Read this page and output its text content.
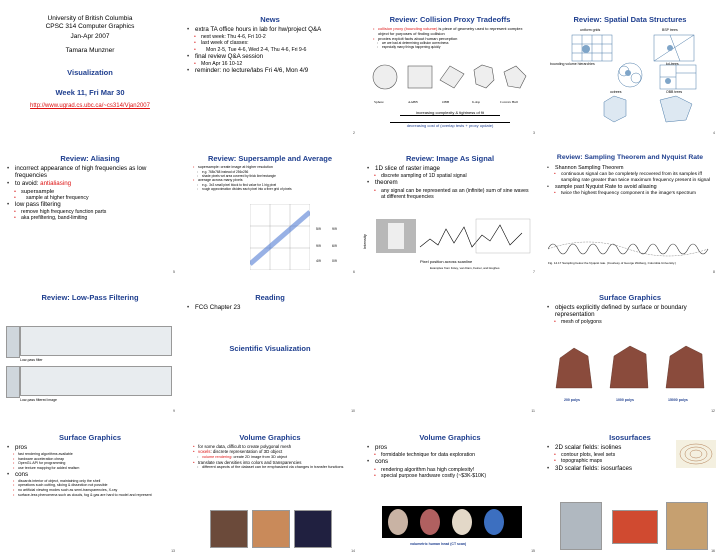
University of British Columbia
CPSC 314 Computer Graphics
Jan-Apr 2007
Tamara Munzner
Visualization
Week 11, Fri Mar 30
http://www.ugrad.cs.ubc.ca/~cs314/Vjan2007
News
• extra TA office hours in lab for hw/project Q&A
• next week: Thu 4-6, Fri 10-2
• last week of classes:
• Mon 2-5, Tue 4-6, Wed 2-4, Thu 4-6, Fri 9-6
• final review Q&A session
• Mon Apr 16 10-12
• reminder: no lecture/labs Fri 4/6, Mon 4/9
2
Review: Collision Proxy Tradeoffs
• collision proxy (bounding volume) is piece of geometry used to represent complex object for purposes of finding collision
• proxies exploit facts about human perception
• we are bad at determining collision correctness
• especially many things happening quickly
Sphere	AABB	OBB	6-dop	Convex Hull
increasing complexity & tightness of fit
decreasing cost of (overlap tests + proxy update)
3
Review: Spatial Data Structures
uniform grids	BSP trees
bounding volume hierarchies	kd-trees
octrees	OBB trees
4
Review: Aliasing
• incorrect appearance of high frequencies as low frequencies
• to avoid: antialiasing
• supersample
• sample at higher frequency
• low pass filtering
• remove high frequency function parts
• aka prefiltering, band-limiting
5
Review: Supersample and Average
• supersample: create image at higher resolution
• e.g. 768x768 instead of 256x256
• shade pixels wrt area covered by thick line/rectangle
• average across many pixels
• e.g.. 3x3 small pixel block to find value for 1 big pixel
• rough approximation divides each pixel into a finer grid of pixels
5/9	9/9
9/9	6/9
4/9	0/9
6
Review: Image As Signal
• 1D slice of raster image
• discrete sampling of 1D spatial signal
• theorem
• any signal can be represented as an (infinite) sum of sine waves at different frequencies
Intensity
Pixel position across scanline
Examples from Foley, van Dam, Feiner, and Hughes
7
Review: Sampling Theorem and Nyquist Rate
• Shannon Sampling Theorem
• continuous signal can be completely recovered from its samples iff sampling rate greater than twice maximum frequency present in signal
• sample past Nyquist Rate to avoid aliasing
• twice the highest frequency component in the image's spectrum
Fig. 14.17 Sampling below the Nyquist rate. (Courtesy of George Wolberg, Columbia University.)
8
Review: Low-Pass Filtering
Low-pass filter
Low-pass filtered image
9
Reading
• FCG Chapter 23
Scientific Visualization
10	11
Surface Graphics
• objects explicitly defined by surface or boundary representation
• mesh of polygons
200 polys	1000 polys	15000 polys
12
Surface Graphics
• pros
• fast rendering algorithms available
• hardware acceleration cheap
• OpenGL API for programming
• use texture mapping for added realism
• cons
• discards interior of object, maintaining only the shell
• operations such cutting, slicing & dissection not possible
• no artificial viewing modes such as semi-transparencies, X-ray
• surface-less phenomena such as clouds, fog & gas are hard to model and represent
13
Volume Graphics
• for some data, difficult to create polygonal mesh
• voxels: discrete representation of 3D object
• volume rendering: create 2D image from 3D object
• translate raw densities into colors and transparencies
• different aspects of the dataset can be emphasized via changes in transfer functions
14
Volume Graphics
• pros
• formidable technique for data exploration
• cons
• rendering algorithm has high complexity!
• special purpose hardware costly (~$3K-$10K)
volumetric human head (CT scan)
15
Isosurfaces
• 2D scalar fields: isolines
• contour plots, level sets
• topographic maps
• 3D scalar fields: isosurfaces
16
